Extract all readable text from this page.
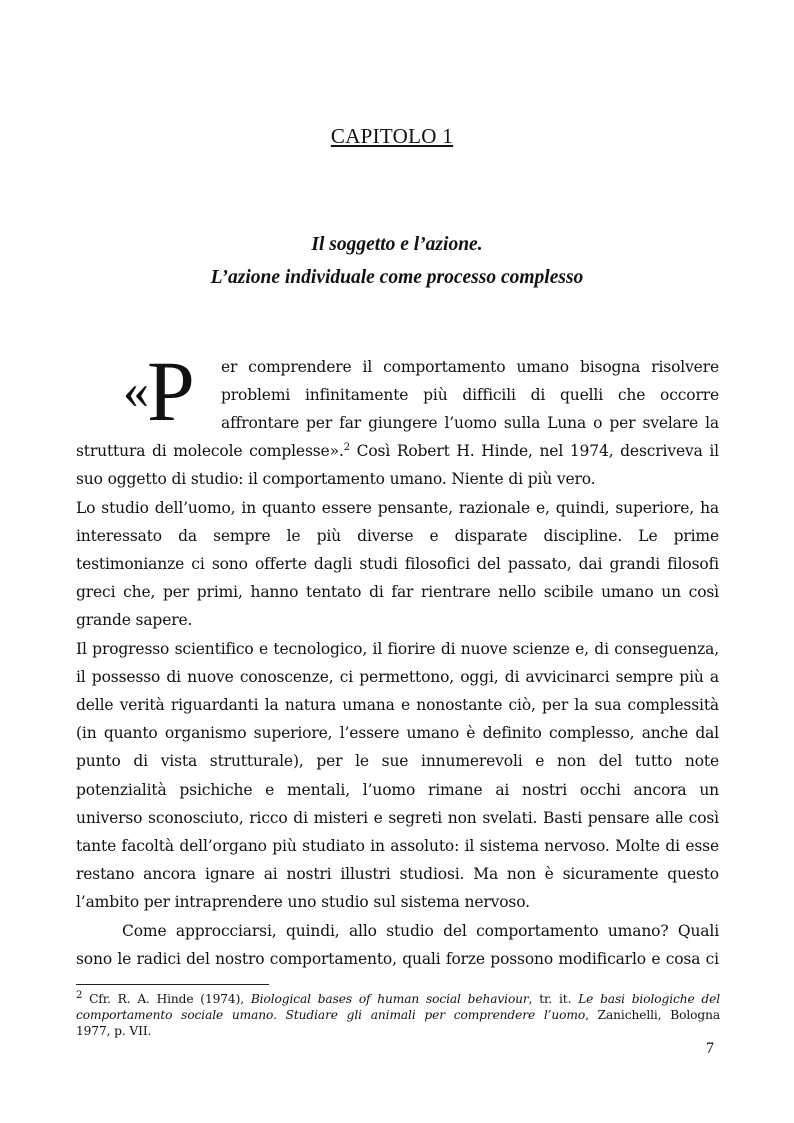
CAPITOLO 1
Il soggetto e l’azione.
L’azione individuale come processo complesso
«P er comprendere il comportamento umano bisogna risolvere
problemi infinitamente più difficili di quelli che occorre
affrontare per far giungere l’uomo sulla Luna o per svelare la
struttura di molecole complesse».$^2$ Così Robert H. Hinde, nel 1974, descriveva il
suo oggetto di studio: il comportamento umano. Niente di più vero.
Lo studio dell’uomo, in quanto essere pensante, razionale e, quindi, superiore, ha
interessato da sempre le più diverse e disparate discipline. Le prime
testimonianze ci sono offerte dagli studi filosofici del passato, dai grandi filosofi
greci che, per primi, hanno tentato di far rientrare nello scibile umano un così
grande sapere.
Il progresso scientifico e tecnologico, il fiorire di nuove scienze e, di conseguenza,
il possesso di nuove conoscenze, ci permettono, oggi, di avvicinarci sempre più a
delle verità riguardanti la natura umana e nonostante ciò, per la sua complessità
(in quanto organismo superiore, l’essere umano è definito complesso, anche dal
punto di vista strutturale), per le sue innumerevoli e non del tutto note
potenzialità psichiche e mentali, l’uomo rimane ai nostri occhi ancora un
universo sconosciuto, ricco di misteri e segreti non svelati. Basti pensare alle così
tante facoltà dell’organo più studiato in assoluto: il sistema nervoso. Molte di esse
restano ancora ignare ai nostri illustri studiosi. Ma non è sicuramente questo
l’ambito per intraprendere uno studio sul sistema nervoso.
Come approcciarsi, quindi, allo studio del comportamento umano? Quali
sono le radici del nostro comportamento, quali forze possono modificarlo e cosa ci
$^2$ Cfr. R. A. Hinde (1974), Biological bases of human social behaviour, tr. it. Le basi biologiche del
comportamento sociale umano. Studiare gli animali per comprendere l’uomo, Zanichelli, Bologna
1977, p. VII.
7
